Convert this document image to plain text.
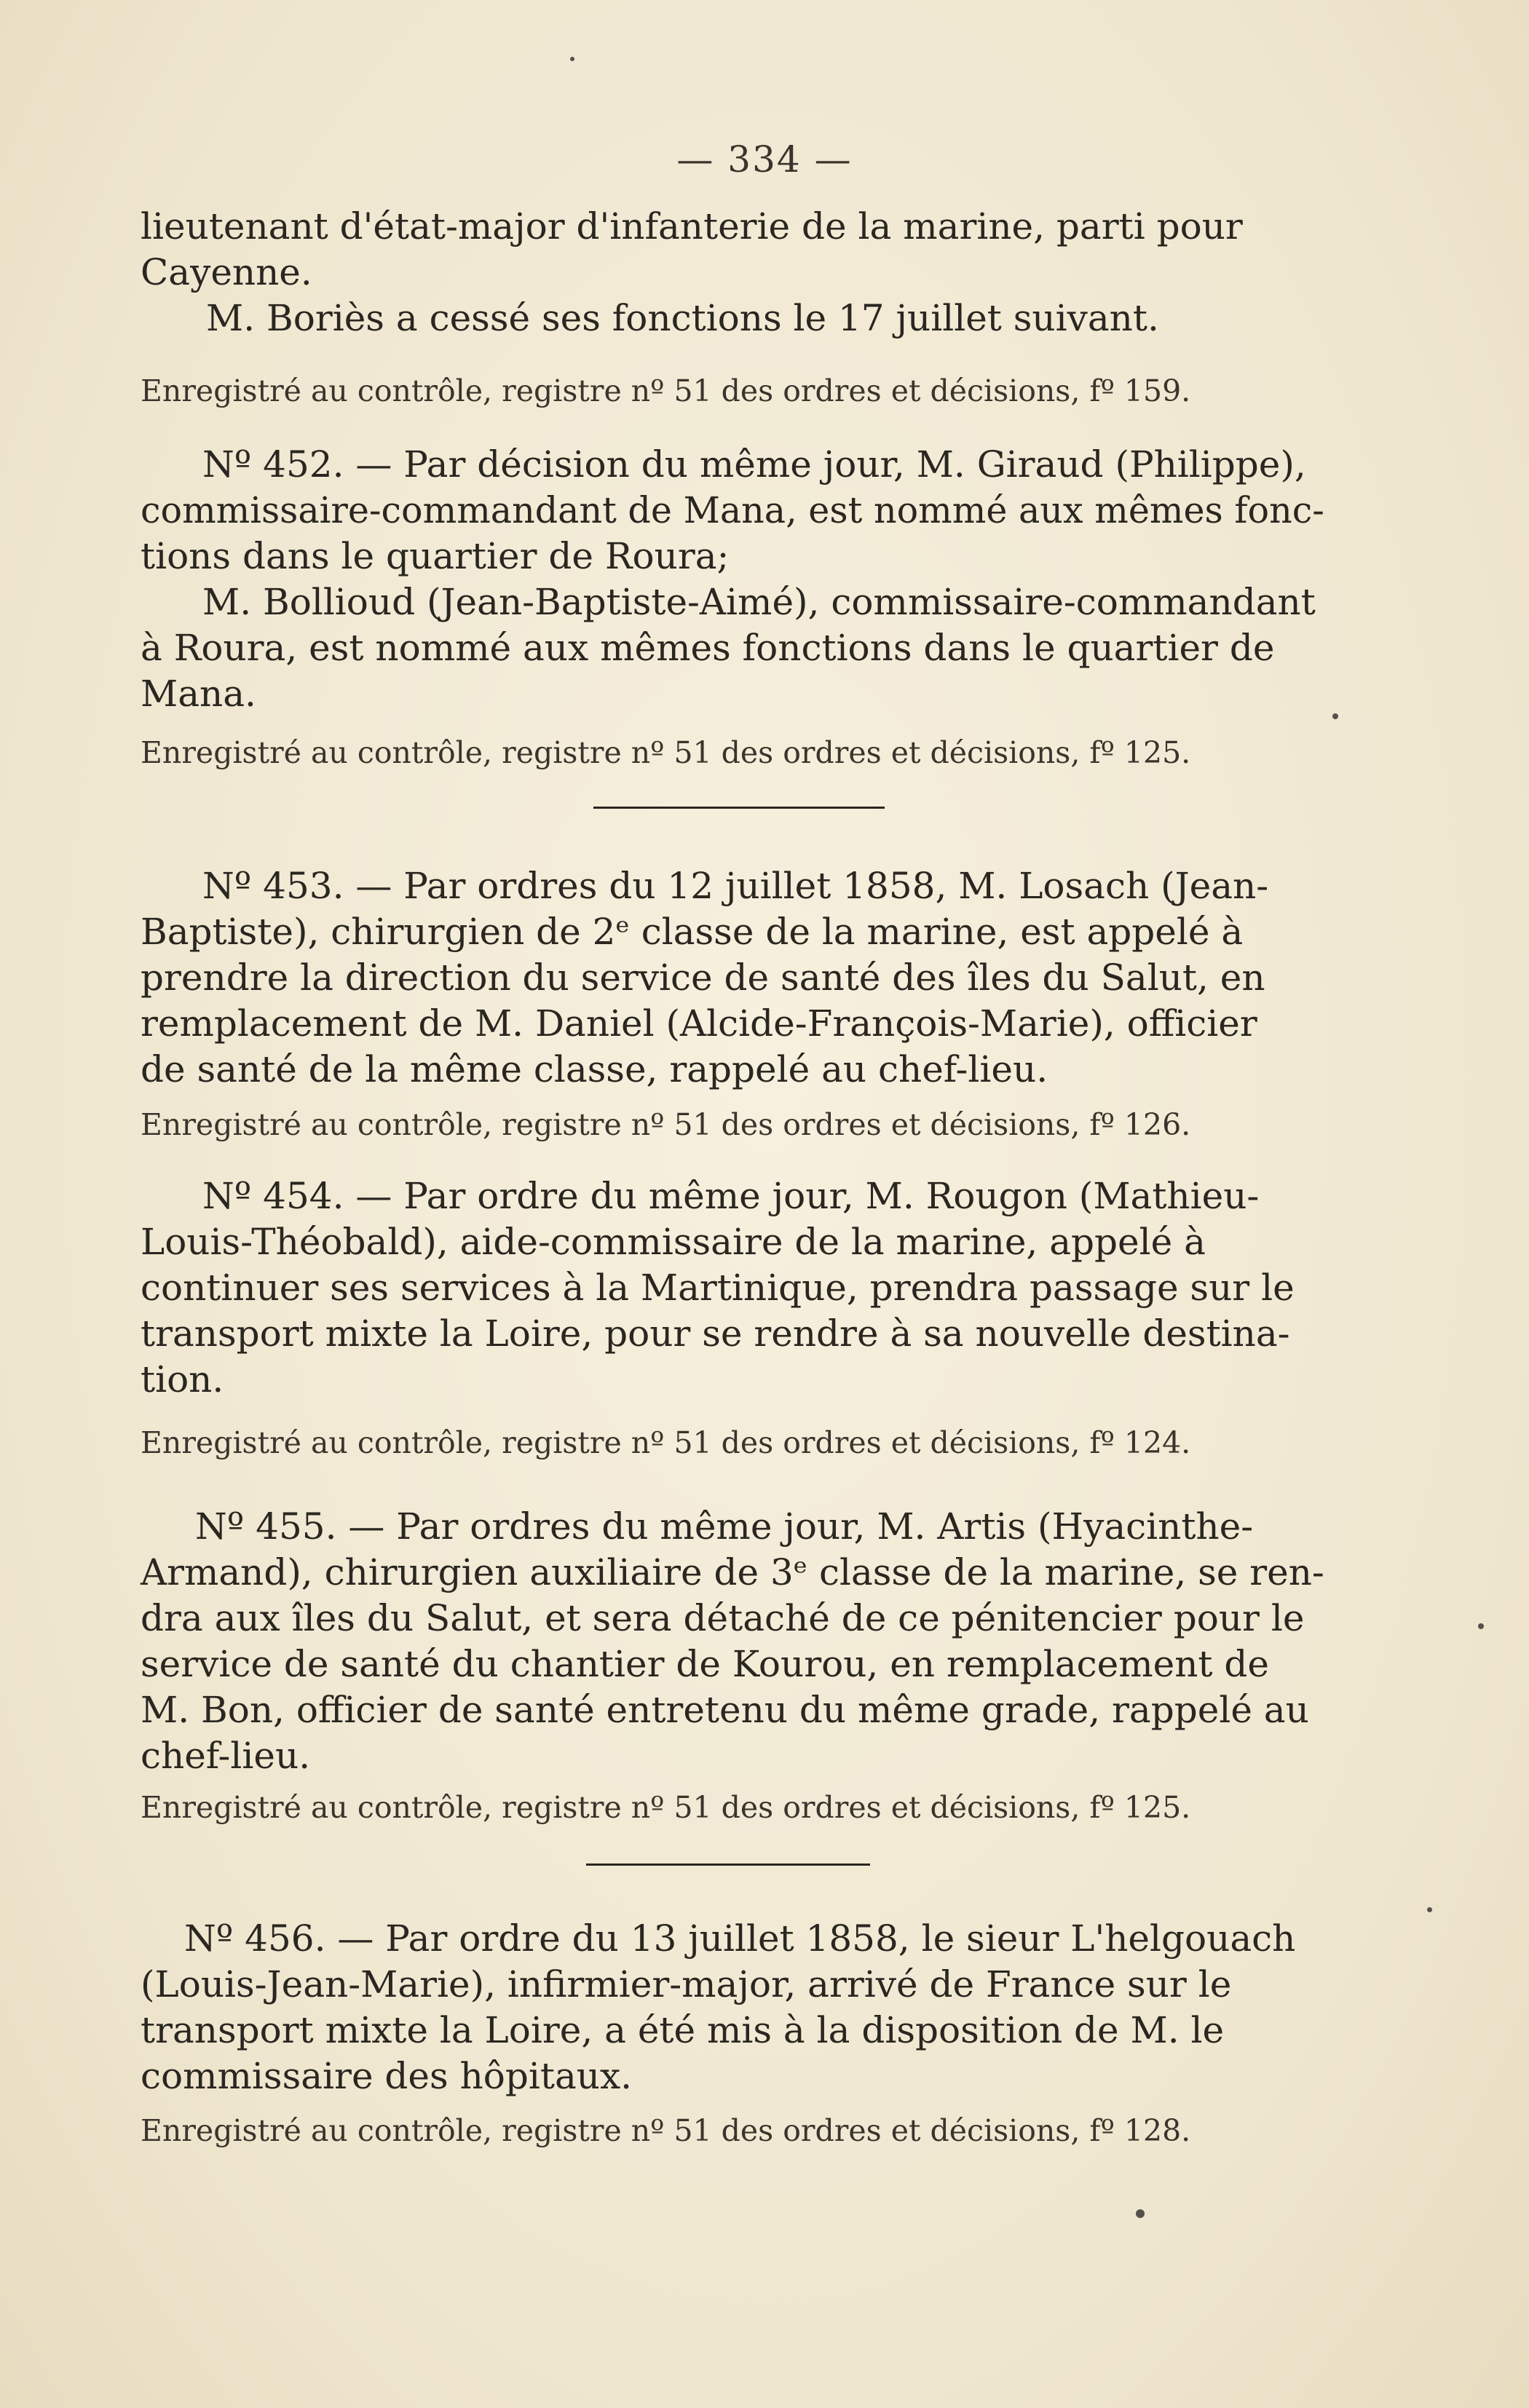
— 334 —
lieutenant d'état-major d'infanterie de la marine, parti pour
Cayenne.
M. Boriès a cessé ses fonctions le 17 juillet suivant.
Enregistré au contrôle, registre nº 51 des ordres et décisions, fº 159.
Nº 452. — Par décision du même jour, M. Giraud (Philippe),
commissaire-commandant de Mana, est nommé aux mêmes fonc-
tions dans le quartier de Roura;
M. Bollioud (Jean-Baptiste-Aimé), commissaire-commandant
à Roura, est nommé aux mêmes fonctions dans le quartier de
Mana.
Enregistré au contrôle, registre nº 51 des ordres et décisions, fº 125.
Nº 453. — Par ordres du 12 juillet 1858, M. Losach (Jean-
Baptiste), chirurgien de 2ᵉ classe de la marine, est appelé à
prendre la direction du service de santé des îles du Salut, en
remplacement de M. Daniel (Alcide-François-Marie), officier
de santé de la même classe, rappelé au chef-lieu.
Enregistré au contrôle, registre nº 51 des ordres et décisions, fº 126.
Nº 454. — Par ordre du même jour, M. Rougon (Mathieu-
Louis-Théobald), aide-commissaire de la marine, appelé à
continuer ses services à la Martinique, prendra passage sur le
transport mixte la Loire, pour se rendre à sa nouvelle destina-
tion.
Enregistré au contrôle, registre nº 51 des ordres et décisions, fº 124.
Nº 455. — Par ordres du même jour, M. Artis (Hyacinthe-
Armand), chirurgien auxiliaire de 3ᵉ classe de la marine, se ren-
dra aux îles du Salut, et sera détaché de ce pénitencier pour le
service de santé du chantier de Kourou, en remplacement de
M. Bon, officier de santé entretenu du même grade, rappelé au
chef-lieu.
Enregistré au contrôle, registre nº 51 des ordres et décisions, fº 125.
Nº 456. — Par ordre du 13 juillet 1858, le sieur L'helgouach
(Louis-Jean-Marie), infirmier-major, arrivé de France sur le
transport mixte la Loire, a été mis à la disposition de M. le
commissaire des hôpitaux.
Enregistré au contrôle, registre nº 51 des ordres et décisions, fº 128.
